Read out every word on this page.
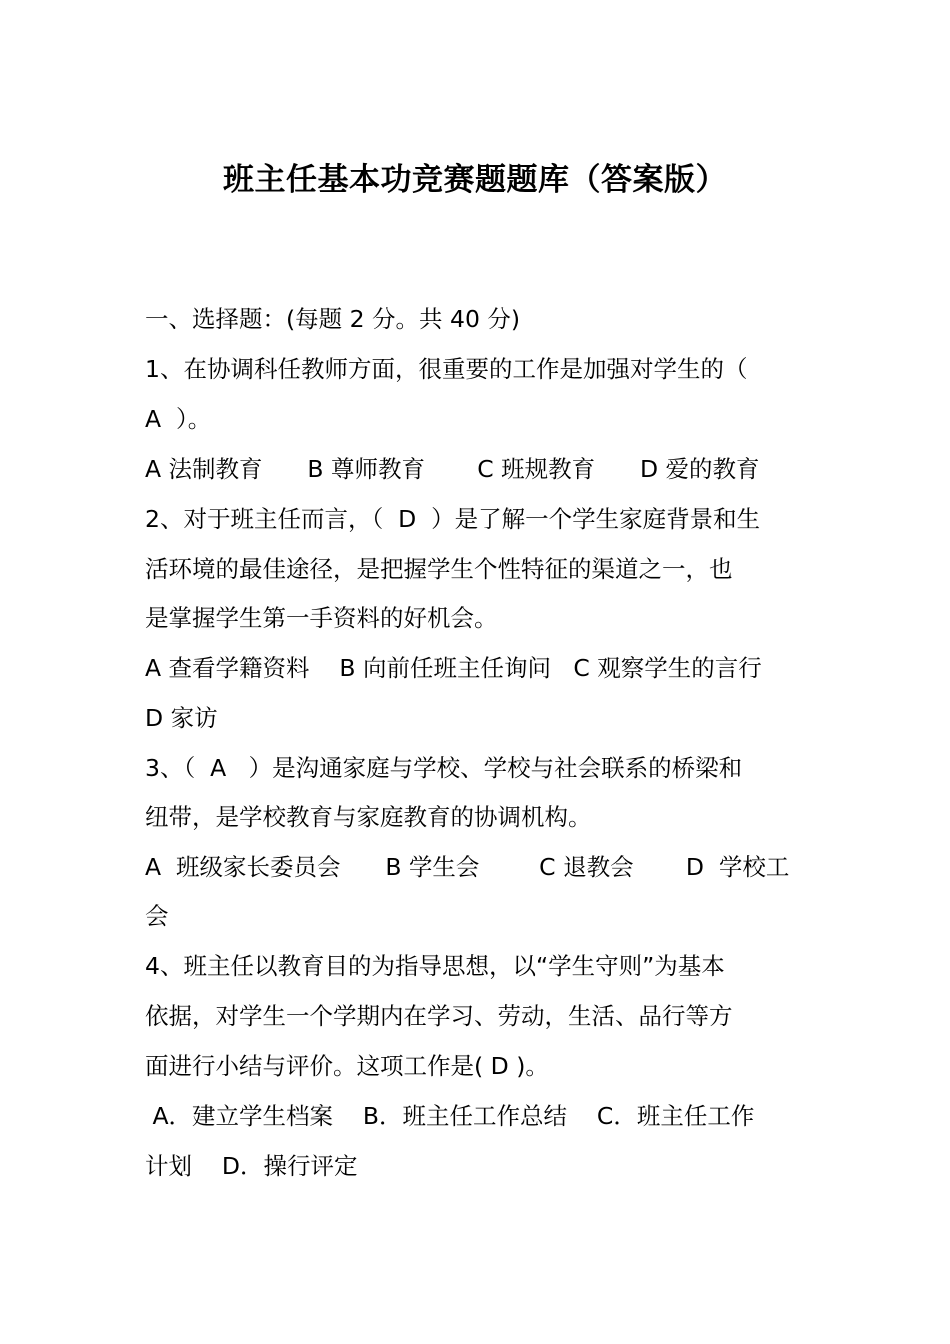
班主任基本功竞赛题题库（答案版）
一、选择题：(每题 2 分。共 40 分)
1、在协调科任教师方面，很重要的工作是加强对学生的（
A  ）。
A 法制教育      B 尊师教育       C 班规教育      D 爱的教育
2、对于班主任而言，（  D  ）是了解一个学生家庭背景和生
活环境的最佳途径，是把握学生个性特征的渠道之一，也
是掌握学生第一手资料的好机会。
A 查看学籍资料    B 向前任班主任询问   C 观察学生的言行
D 家访
3、（  A   ）是沟通家庭与学校、学校与社会联系的桥梁和
纽带，是学校教育与家庭教育的协调机构。
A  班级家长委员会      B 学生会        C 退教会       D  学校工
会
4、班主任以教育目的为指导思想，以“学生守则”为基本
依据，对学生一个学期内在学习、劳动，生活、品行等方
面进行小结与评价。这项工作是( D )。
A．建立学生档案    B．班主任工作总结    C．班主任工作
计划    D．操行评定
